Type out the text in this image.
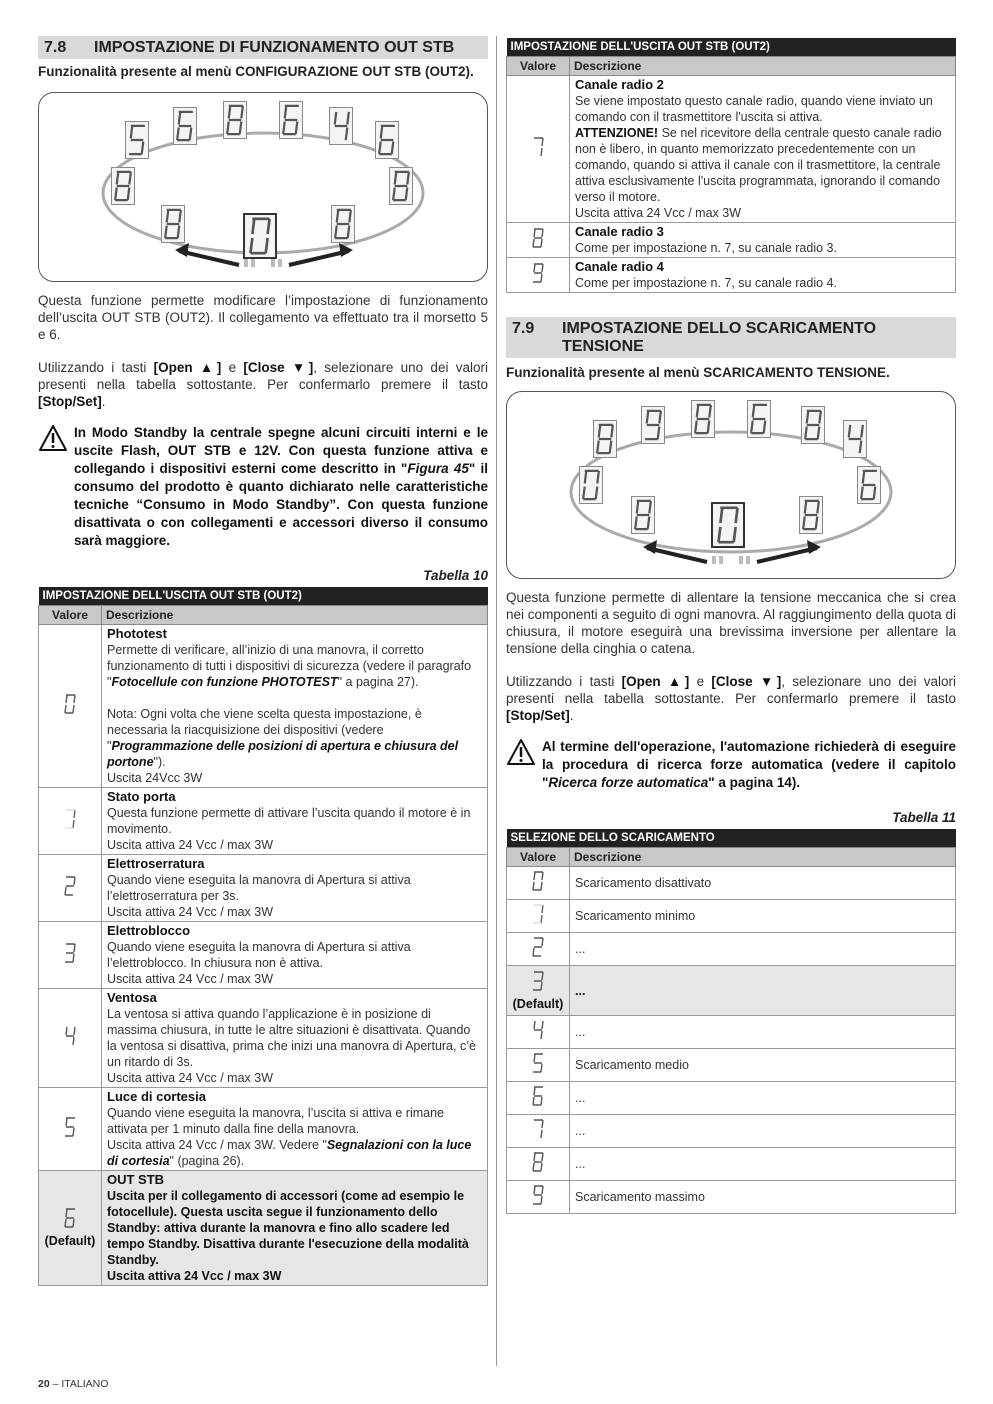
7.8	IMPOSTAZIONE DI FUNZIONAMENTO OUT STB
Funzionalità presente al menù CONFIGURAZIONE OUT STB (OUT2).
Questa funzione permette modificare l’impostazione di funzionamento dell’uscita OUT STB (OUT2). Il collegamento va effettuato tra il morsetto 5 e 6.
Utilizzando i tasti [Open ▲] e [Close ▼], selezionare uno dei valori presenti nella tabella sottostante. Per confermarlo premere il tasto [Stop/Set].
In Modo Standby la centrale spegne alcuni circuiti interni e le uscite Flash, OUT STB e 12V. Con questa funzione attiva e collegando i dispositivi esterni come descritto in "Figura 45" il consumo del prodotto è quanto dichiarato nelle caratteristiche tecniche “Consumo in Modo Standby”. Con questa funzione disattivata o con collegamenti e accessori diverso il consumo sarà maggiore.
Tabella 10
IMPOSTAZIONE DELL'USCITA OUT STB (OUT2)	
Valore	Descrizione

	Phototest
Permette di verificare, all’inizio di una manovra, il corretto funzionamento di tutti i dispositivi di sicurezza (vedere il paragrafo "Fotocellule con funzione PHOTOTEST" a pagina 27).

Nota: Ogni volta che viene scelta questa impostazione, è necessaria la riacquisizione dei dispositivi (vedere "Programmazione delle posizioni di apertura e chiusura del portone").
Uscita 24Vcc 3W

	Stato porta
Questa funzione permette di attivare l’uscita quando il motore è in movimento.
Uscita attiva 24 Vcc / max 3W

	Elettroserratura
Quando viene eseguita la manovra di Apertura si attiva l’elettroserratura per 3s.
Uscita attiva 24 Vcc / max 3W

	Elettroblocco
Quando viene eseguita la manovra di Apertura si attiva l’elettroblocco. In chiusura non è attiva.
Uscita attiva 24 Vcc / max 3W

	Ventosa
La ventosa si attiva quando l’applicazione è in posizione di massima chiusura, in tutte le altre situazioni è disattivata. Quando la ventosa si disattiva, prima che inizi una manovra di Apertura, c’è un ritardo di 3s.
Uscita attiva 24 Vcc / max 3W

	Luce di cortesia
Quando viene eseguita la manovra, l’uscita si attiva e rimane attivata per 1 minuto dalla fine della manovra.
Uscita attiva 24 Vcc / max 3W. Vedere "Segnalazioni con la luce di cortesia" (pagina 26).

(Default)	OUT STB
Uscita per il collegamento di accessori (come ad esempio le fotocellule). Questa uscita segue il funzionamento dello Standby: attiva durante la manovra e fino allo scadere led tempo Standby. Disattiva durante l'esecuzione della modalità Standby.
Uscita attiva 24 Vcc / max 3W
IMPOSTAZIONE DELL'USCITA OUT STB (OUT2)	
Valore	Descrizione

	Canale radio 2
Se viene impostato questo canale radio, quando viene inviato un comando con il trasmettitore l'uscita si attiva.
ATTENZIONE! Se nel ricevitore della centrale questo canale radio non è libero, in quanto memorizzato precedentemente con un comando, quando si attiva il canale con il trasmettitore, la centrale attiva esclusivamente l'uscita programmata, ignorando il comando verso il motore.
Uscita attiva 24 Vcc / max 3W

	Canale radio 3
Come per impostazione n. 7, su canale radio 3.

	Canale radio 4
Come per impostazione n. 7, su canale radio 4.
7.9	IMPOSTAZIONE DELLO SCARICAMENTO TENSIONE
Funzionalità presente al menù SCARICAMENTO TENSIONE.
Questa funzione permette di allentare la tensione meccanica che si crea nei componenti a seguito di ogni manovra. Al raggiungimento della quota di chiusura, il motore eseguirà una brevissima inversione per allentare la tensione della cinghia o catena.
Utilizzando i tasti [Open ▲] e [Close ▼], selezionare uno dei valori presenti nella tabella sottostante. Per confermarlo premere il tasto [Stop/Set].
Al termine dell'operazione, l'automazione richiederà di eseguire la procedura di ricerca forze automatica (vedere il capitolo "Ricerca forze automatica" a pagina 14).
Tabella 11
SELEZIONE DELLO SCARICAMENTO	
Valore	Descrizione

	Scaricamento disattivato

	Scaricamento minimo

	...

(Default)	...

	...

	Scaricamento medio

	...

	...

	...

	Scaricamento massimo
20 – ITALIANO
